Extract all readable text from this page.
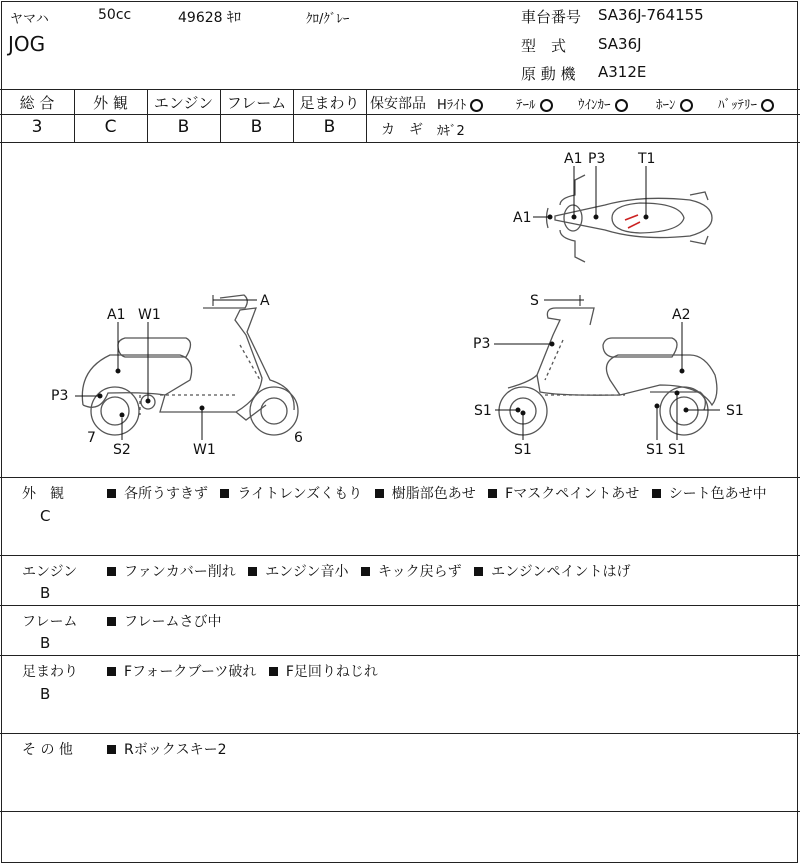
ヤマハ	50cc	49628 ｷﾛ	ｸﾛ/ｸﾞﾚｰ
JOG
車台番号 SA36J-764155
型　式 SA36J
原 動 機 A312E
総 合	外 観	エンジン フレーム 足まわり
3	C	B	B	B
保安部品 Hﾗｲﾄ	ﾃｰﾙ	ｳｲﾝｶｰ	ﾎｰﾝ	ﾊﾞｯﾃﾘｰ
カ　ギ ｶｷﾞ2
A
A1 W1
P3
7
S2	W1
6
S
A2
P3
S1
S1
S1
S1 S1
A1 P3 T1
A1
外　観
C
各所うすきず ライトレンズくもり 樹脂部色あせ Fマスクペイントあせ シート色あせ中
エンジン
B
ファンカバー削れ エンジン音小 キック戻らず エンジンペイントはげ
フレーム
B
フレームさび中
足まわり
B
Fフォークブーツ破れ F足回りねじれ
そ の 他	Rボックスキー2
